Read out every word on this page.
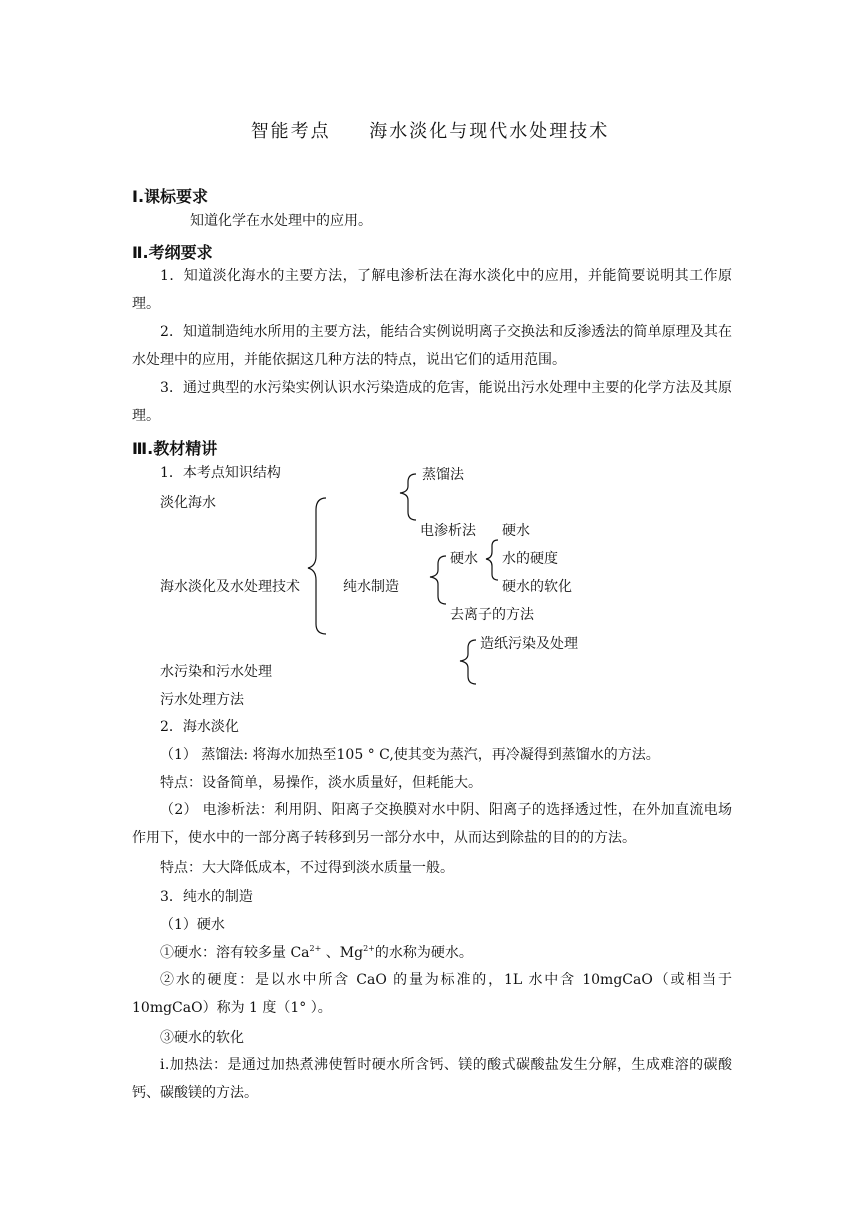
智能考点     海水淡化与现代水处理技术
Ⅰ.课标要求
知道化学在水处理中的应用。
Ⅱ.考纲要求
1．知道淡化海水的主要方法，了解电渗析法在海水淡化中的应用，并能简要说明其工作原理。
2．知道制造纯水所用的主要方法，能结合实例说明离子交换法和反渗透法的简单原理及其在水处理中的应用，并能依据这几种方法的特点，说出它们的适用范围。
3．通过典型的水污染实例认识水污染造成的危害，能说出污水处理中主要的化学方法及其原理。
Ⅲ.教材精讲
1．本考点知识结构
淡化海水
蒸馏法
电渗析法
海水淡化及水处理技术	纯水制造
硬水
硬水
水的硬度
硬水的软化
去离子的方法
造纸污染及处理
水污染和污水处理
污水处理方法
2．海水淡化
（1） 蒸馏法: 将海水加热至105 ° C,使其变为蒸汽，再冷凝得到蒸馏水的方法。
特点：设备简单，易操作，淡水质量好，但耗能大。
（2） 电渗析法：利用阴、阳离子交换膜对水中阴、阳离子的选择透过性，在外加直流电场作用下，使水中的一部分离子转移到另一部分水中，从而达到除盐的目的的方法。
特点：大大降低成本，不过得到淡水质量一般。
3．纯水的制造
（1）硬水
①硬水：溶有较多量 $Ca^{2+}$ 、$Mg^{2+}$的水称为硬水。
②水的硬度：是以水中所含 CaO 的量为标准的，1L 水中含 10mgCaO（或相当于 10mgCaO）称为 1 度（1° ）。
③硬水的软化
ⅰ.加热法：是通过加热煮沸使暂时硬水所含钙、镁的酸式碳酸盐发生分解，生成难溶的碳酸钙、碳酸镁的方法。
